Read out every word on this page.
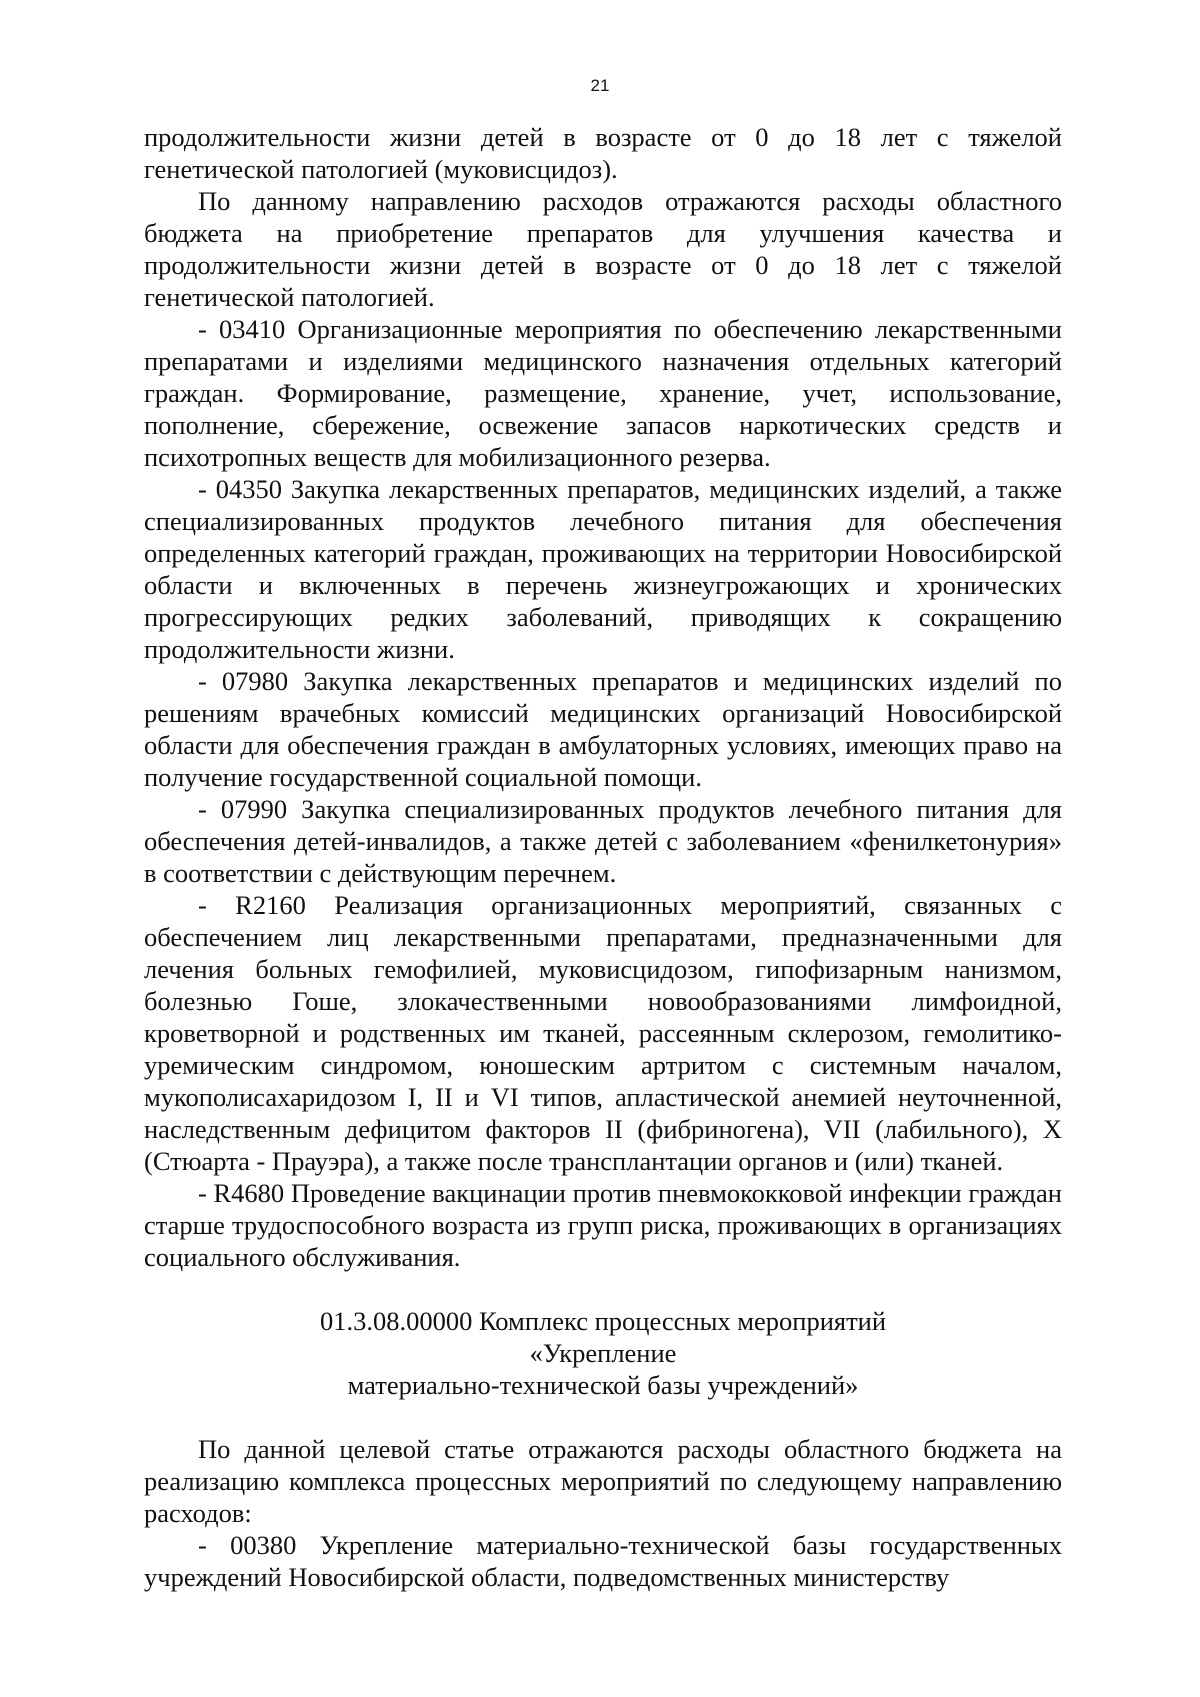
21

продолжительности жизни детей в возрасте от 0 до 18 лет с тяжелой генетической патологией (муковисцидоз).

По данному направлению расходов отражаются расходы областного бюджета на приобретение препаратов для улучшения качества и продолжительности жизни детей в возрасте от 0 до 18 лет с тяжелой генетической патологией.

- 03410 Организационные мероприятия по обеспечению лекарственными препаратами и изделиями медицинского назначения отдельных категорий граждан. Формирование, размещение, хранение, учет, использование, пополнение, сбережение, освежение запасов наркотических средств и психотропных веществ для мобилизационного резерва.

- 04350 Закупка лекарственных препаратов, медицинских изделий, а также специализированных продуктов лечебного питания для обеспечения определенных категорий граждан, проживающих на территории Новосибирской области и включенных в перечень жизнеугрожающих и хронических прогрессирующих редких заболеваний, приводящих к сокращению продолжительности жизни.

- 07980 Закупка лекарственных препаратов и медицинских изделий по решениям врачебных комиссий медицинских организаций Новосибирской области для обеспечения граждан в амбулаторных условиях, имеющих право на получение государственной социальной помощи.

- 07990 Закупка специализированных продуктов лечебного питания для обеспечения детей-инвалидов, а также детей с заболеванием «фенилкетонурия» в соответствии с действующим перечнем.

- R2160 Реализация организационных мероприятий, связанных с обеспечением лиц лекарственными препаратами, предназначенными для лечения больных гемофилией, муковисцидозом, гипофизарным нанизмом, болезнью Гоше, злокачественными новообразованиями лимфоидной, кроветворной и родственных им тканей, рассеянным склерозом, гемолитико-уремическим синдромом, юношеским артритом с системным началом, мукополисахаридозом I, II и VI типов, апластической анемией неуточненной, наследственным дефицитом факторов II (фибриногена), VII (лабильного), X (Стюарта - Прауэра), а также после трансплантации органов и (или) тканей.

- R4680 Проведение вакцинации против пневмококковой инфекции граждан старше трудоспособного возраста из групп риска, проживающих в организациях социального обслуживания.

01.3.08.00000 Комплекс процессных мероприятий «Укрепление
материально-технической базы учреждений»

По данной целевой статье отражаются расходы областного бюджета на реализацию комплекса процессных мероприятий по следующему направлению расходов:

- 00380 Укрепление материально-технической базы государственных учреждений Новосибирской области, подведомственных министерству
